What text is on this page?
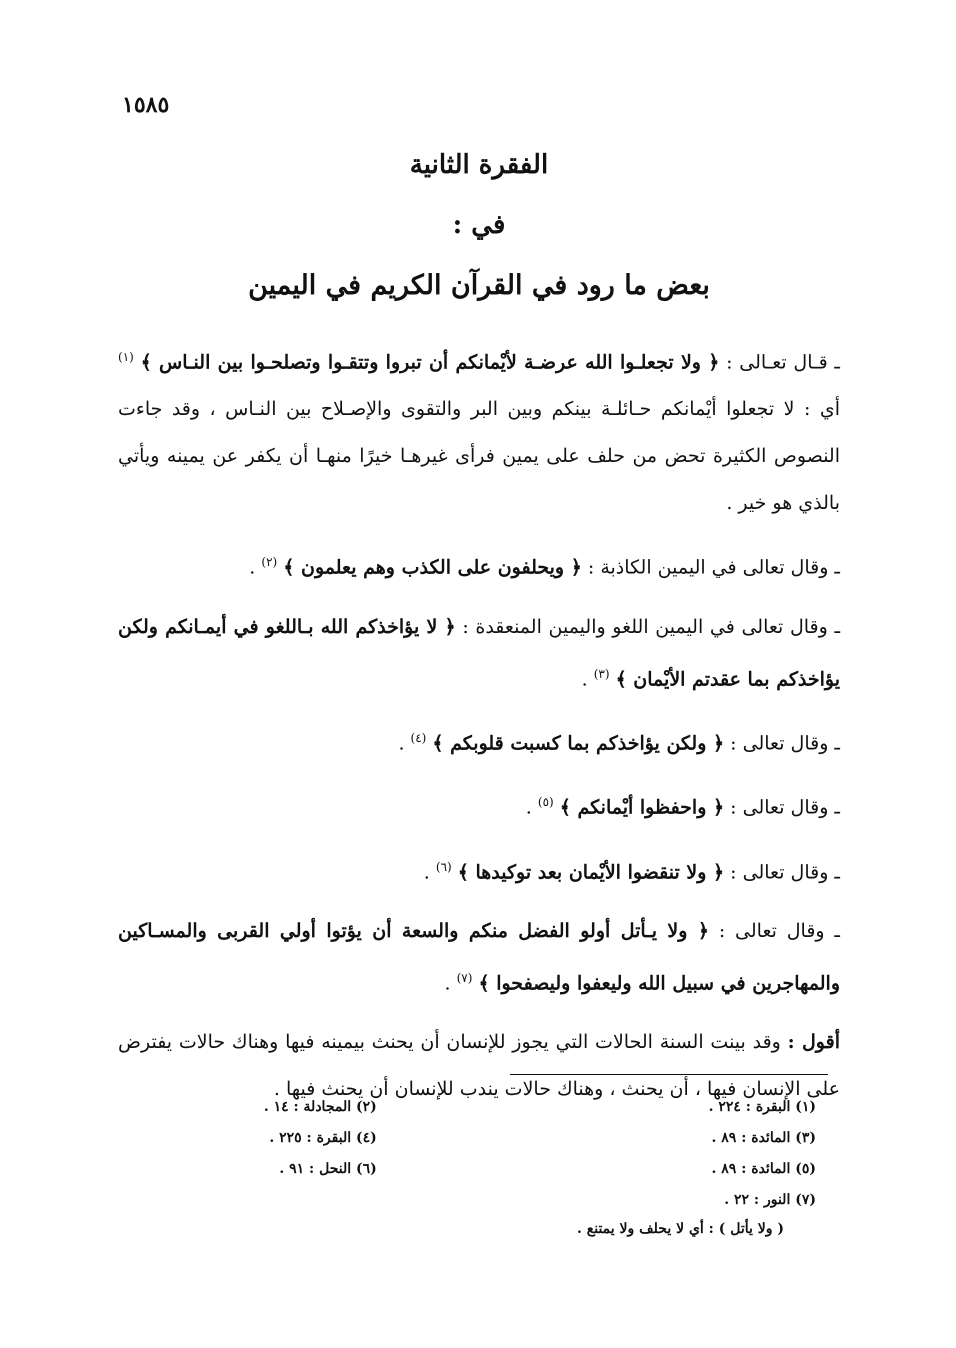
١٥٨٥
الفقرة الثانية
في :
بعض ما رود في القرآن الكريم في اليمين

ـ قـال تعـالى : ﴿ ولا تجعلـوا الله عرضـة لأيْمانكم أن تبروا وتتقـوا وتصلحـوا بين النـاس ﴾ $^{(١)}$ أي : لا تجعلوا أيْمانكم حـائلـة بينكم وبين البر والتقوى والإصـلاح بين النـاس ، وقد جاءت النصوص الكثيرة تحض من حلف على يمين فرأى غيرهـا خيرًا منهـا أن يكفر عن يمينه ويأتي بالذي هو خير .

ـ وقال تعالى في اليمين الكاذبة : ﴿ ويحلفون على الكذب وهم يعلمون ﴾ $^{(٢)}$ .

ـ وقال تعالى في اليمين اللغو واليمين المنعقدة : ﴿ لا يؤاخذكم الله بـاللغو في أيمـانكم ولكن يؤاخذكم بما عقدتم الأيْمان ﴾ $^{(٣)}$ .

ـ وقال تعالى : ﴿ ولكن يؤاخذكم بما كسبت قلوبكم ﴾ $^{(٤)}$ .

ـ وقال تعالى : ﴿ واحفظوا أيْمانكم ﴾ $^{(٥)}$ .

ـ وقال تعالى : ﴿ ولا تنقضوا الأيْمان بعد توكيدها ﴾ $^{(٦)}$ .

ـ وقال تعالى : ﴿ ولا يـأتل أولو الفضل منكم والسعة أن يؤتوا أولي القربى والمسـاكين والمهاجرين في سبيل الله وليعفوا وليصفحوا ﴾ $^{(٧)}$ .

أقول : وقد بينت السنة الحالات التي يجوز للإنسان أن يحنث بيمينه فيها وهناك حالات يفترض على الإنسان فيها ، أن يحنث ، وهناك حالات يندب للإنسان أن يحنث فيها .

(١) البقرة : ٢٢٤ .
(٢) المجادلة : ١٤ .
(٣) المائدة : ٨٩ .
(٤) البقرة : ٢٢٥ .
(٥) المائدة : ٨٩ .
(٦) النحل : ٩١ .
(٧) النور : ٢٢ .
( ولا يأتل ) : أي لا يحلف ولا يمتنع .
